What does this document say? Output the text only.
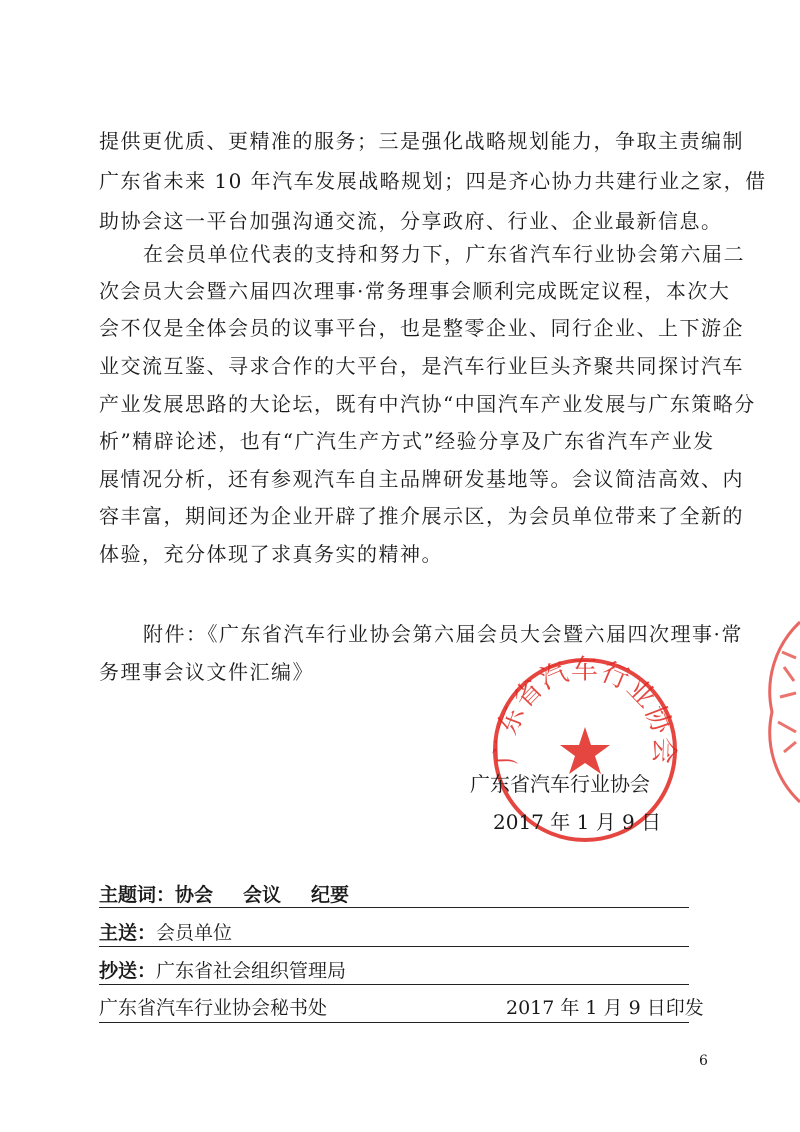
提供更优质、更精准的服务；三是强化战略规划能力，争取主责编制
广东省未来 10 年汽车发展战略规划；四是齐心协力共建行业之家，借
助协会这一平台加强沟通交流，分享政府、行业、企业最新信息。
在会员单位代表的支持和努力下，广东省汽车行业协会第六届二
次会员大会暨六届四次理事·常务理事会顺利完成既定议程，本次大
会不仅是全体会员的议事平台，也是整零企业、同行企业、上下游企
业交流互鉴、寻求合作的大平台，是汽车行业巨头齐聚共同探讨汽车
产业发展思路的大论坛，既有中汽协“中国汽车产业发展与广东策略分
析”精辟论述，也有“广汽生产方式”经验分享及广东省汽车产业发
展情况分析，还有参观汽车自主品牌研发基地等。会议简洁高效、内
容丰富，期间还为企业开辟了推介展示区，为会员单位带来了全新的
体验，充分体现了求真务实的精神。
附件：《广东省汽车行业协会第六届会员大会暨六届四次理事·常
务理事会议文件汇编》
广东省汽车行业协会
广东省汽车行业协会
2017 年 1 月 9 日
主题词：协会 会议 纪要
主送：会员单位
抄送：广东省社会组织管理局
广东省汽车行业协会秘书处	2017 年 1 月 9 日印发
6
